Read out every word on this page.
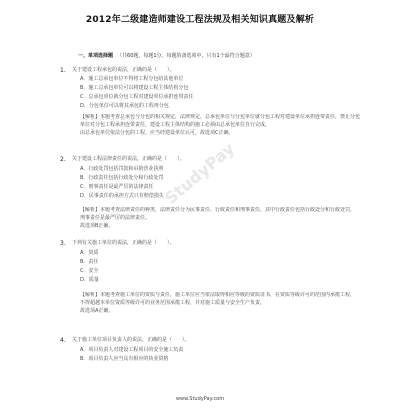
StudyPay
2012年二级建造师建设工程法规及相关知识真题及解析
一、单项选择题 （共60题，每题1分。每题的备选项中，只有1个最符合题意）
1. 关于建设工程承包的说法，正确的是（　　）。
A．施工总承包单位不得将工程分包给其他单位
B．施工总承包单位可以将建设工程主体结构分包
C．总承包单位就分包工程对建设单位承担连带责任
D．分包单位可以将其承包的工程再分包
【解析】本题考查总承包与分包的相关规定，法律规定，总承包单位与分包单位就分包工程对建设单位承担连带责任，禁止分包
单位对分包工程承担连带责任，建设工程主体结构的施工必须由总承包单位自行完成，
由总承包单位依法分包的工程，应当经建设单位认可。故选项C正确。
2. 关于建设工程法律责任的说法，正确的是（　　）。
A．行政处罚包括罚款和吊销营业执照
B．行政责任包括行政处分和行政处罚
C．刑事责任是最严厉的法律责任
D．民事责任的承担方式只有赔偿损失
【解析】本题考查法律责任的种类，法律责任分为民事责任、行政责任和刑事责任，其中行政责任包括行政处分和行政处罚，
刑事责任是最严厉的法律责任。
故选项B正确。
3. 下列有关施工单位的说法，正确的是（　　）。
A．资质
B．责任
C．安全
D．质量
【解析】本题考查施工单位的资质与责任，施工单位应当依法取得相应等级的资质证书，在资质等级许可的范围内承揽工程，
不得超越本单位资质等级许可的业务范围承揽工程，并对施工质量与安全生产负责。
故选项A正确。
4. 关于施工单位项目负责人的说法，正确的是（　　）。
A．项目负责人对建设工程项目的安全施工负责
B．项目负责人应当具有相应的执业资格
www.StudyPay.com
